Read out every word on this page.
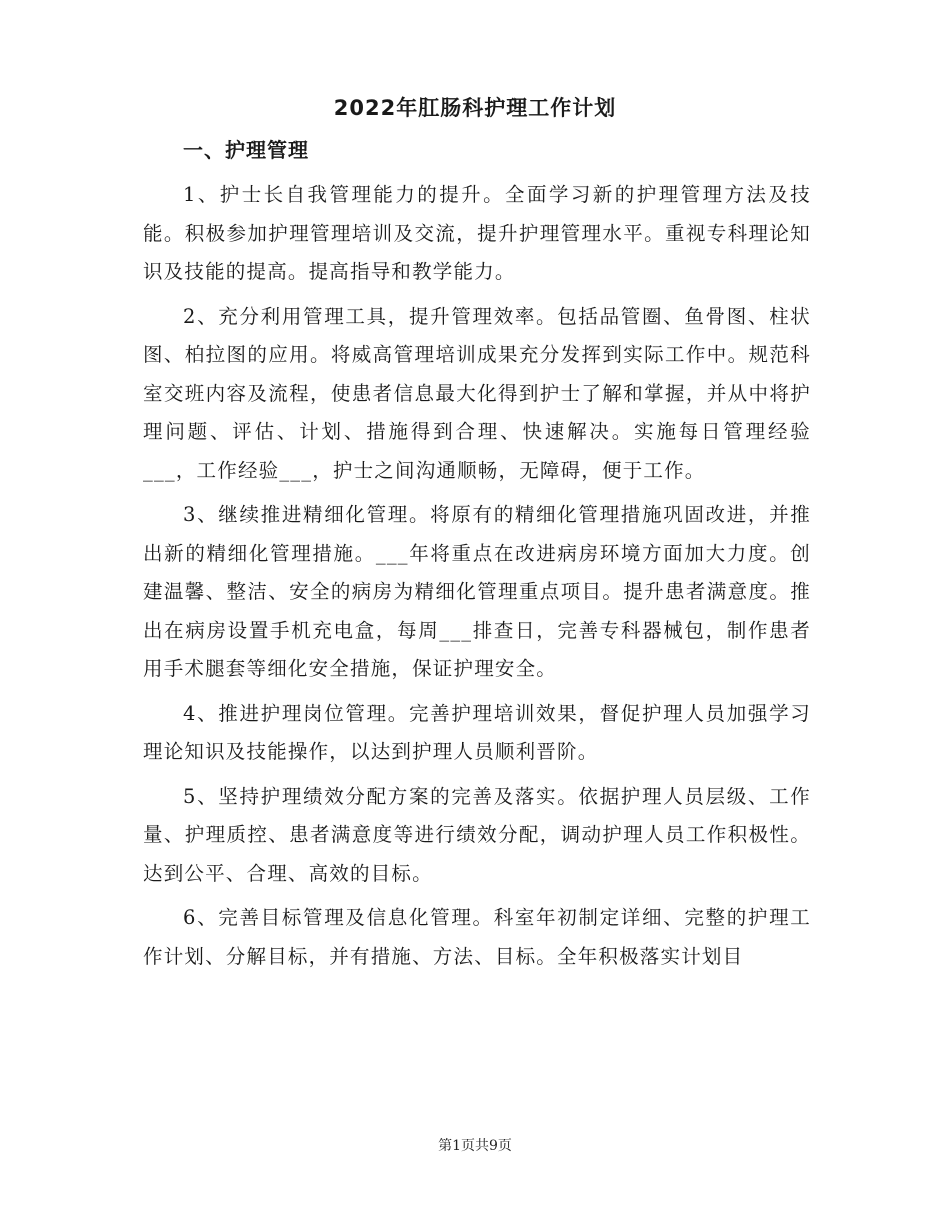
2022年肛肠科护理工作计划
一、护理管理

1、护士长自我管理能力的提升。全面学习新的护理管理方法及技能。积极参加护理管理培训及交流，提升护理管理水平。重视专科理论知识及技能的提高。提高指导和教学能力。

2、充分利用管理工具，提升管理效率。包括品管圈、鱼骨图、柱状图、柏拉图的应用。将威高管理培训成果充分发挥到实际工作中。规范科室交班内容及流程，使患者信息最大化得到护士了解和掌握，并从中将护理问题、评估、计划、措施得到合理、快速解决。实施每日管理经验___，工作经验___，护士之间沟通顺畅，无障碍，便于工作。

3、继续推进精细化管理。将原有的精细化管理措施巩固改进，并推出新的精细化管理措施。___年将重点在改进病房环境方面加大力度。创建温馨、整洁、安全的病房为精细化管理重点项目。提升患者满意度。推出在病房设置手机充电盒，每周___排查日，完善专科器械包，制作患者用手术腿套等细化安全措施，保证护理安全。

4、推进护理岗位管理。完善护理培训效果，督促护理人员加强学习理论知识及技能操作，以达到护理人员顺利晋阶。

5、坚持护理绩效分配方案的完善及落实。依据护理人员层级、工作量、护理质控、患者满意度等进行绩效分配，调动护理人员工作积极性。达到公平、合理、高效的目标。

6、完善目标管理及信息化管理。科室年初制定详细、完整的护理工作计划、分解目标，并有措施、方法、目标。全年积极落实计划目

第1页共9页
